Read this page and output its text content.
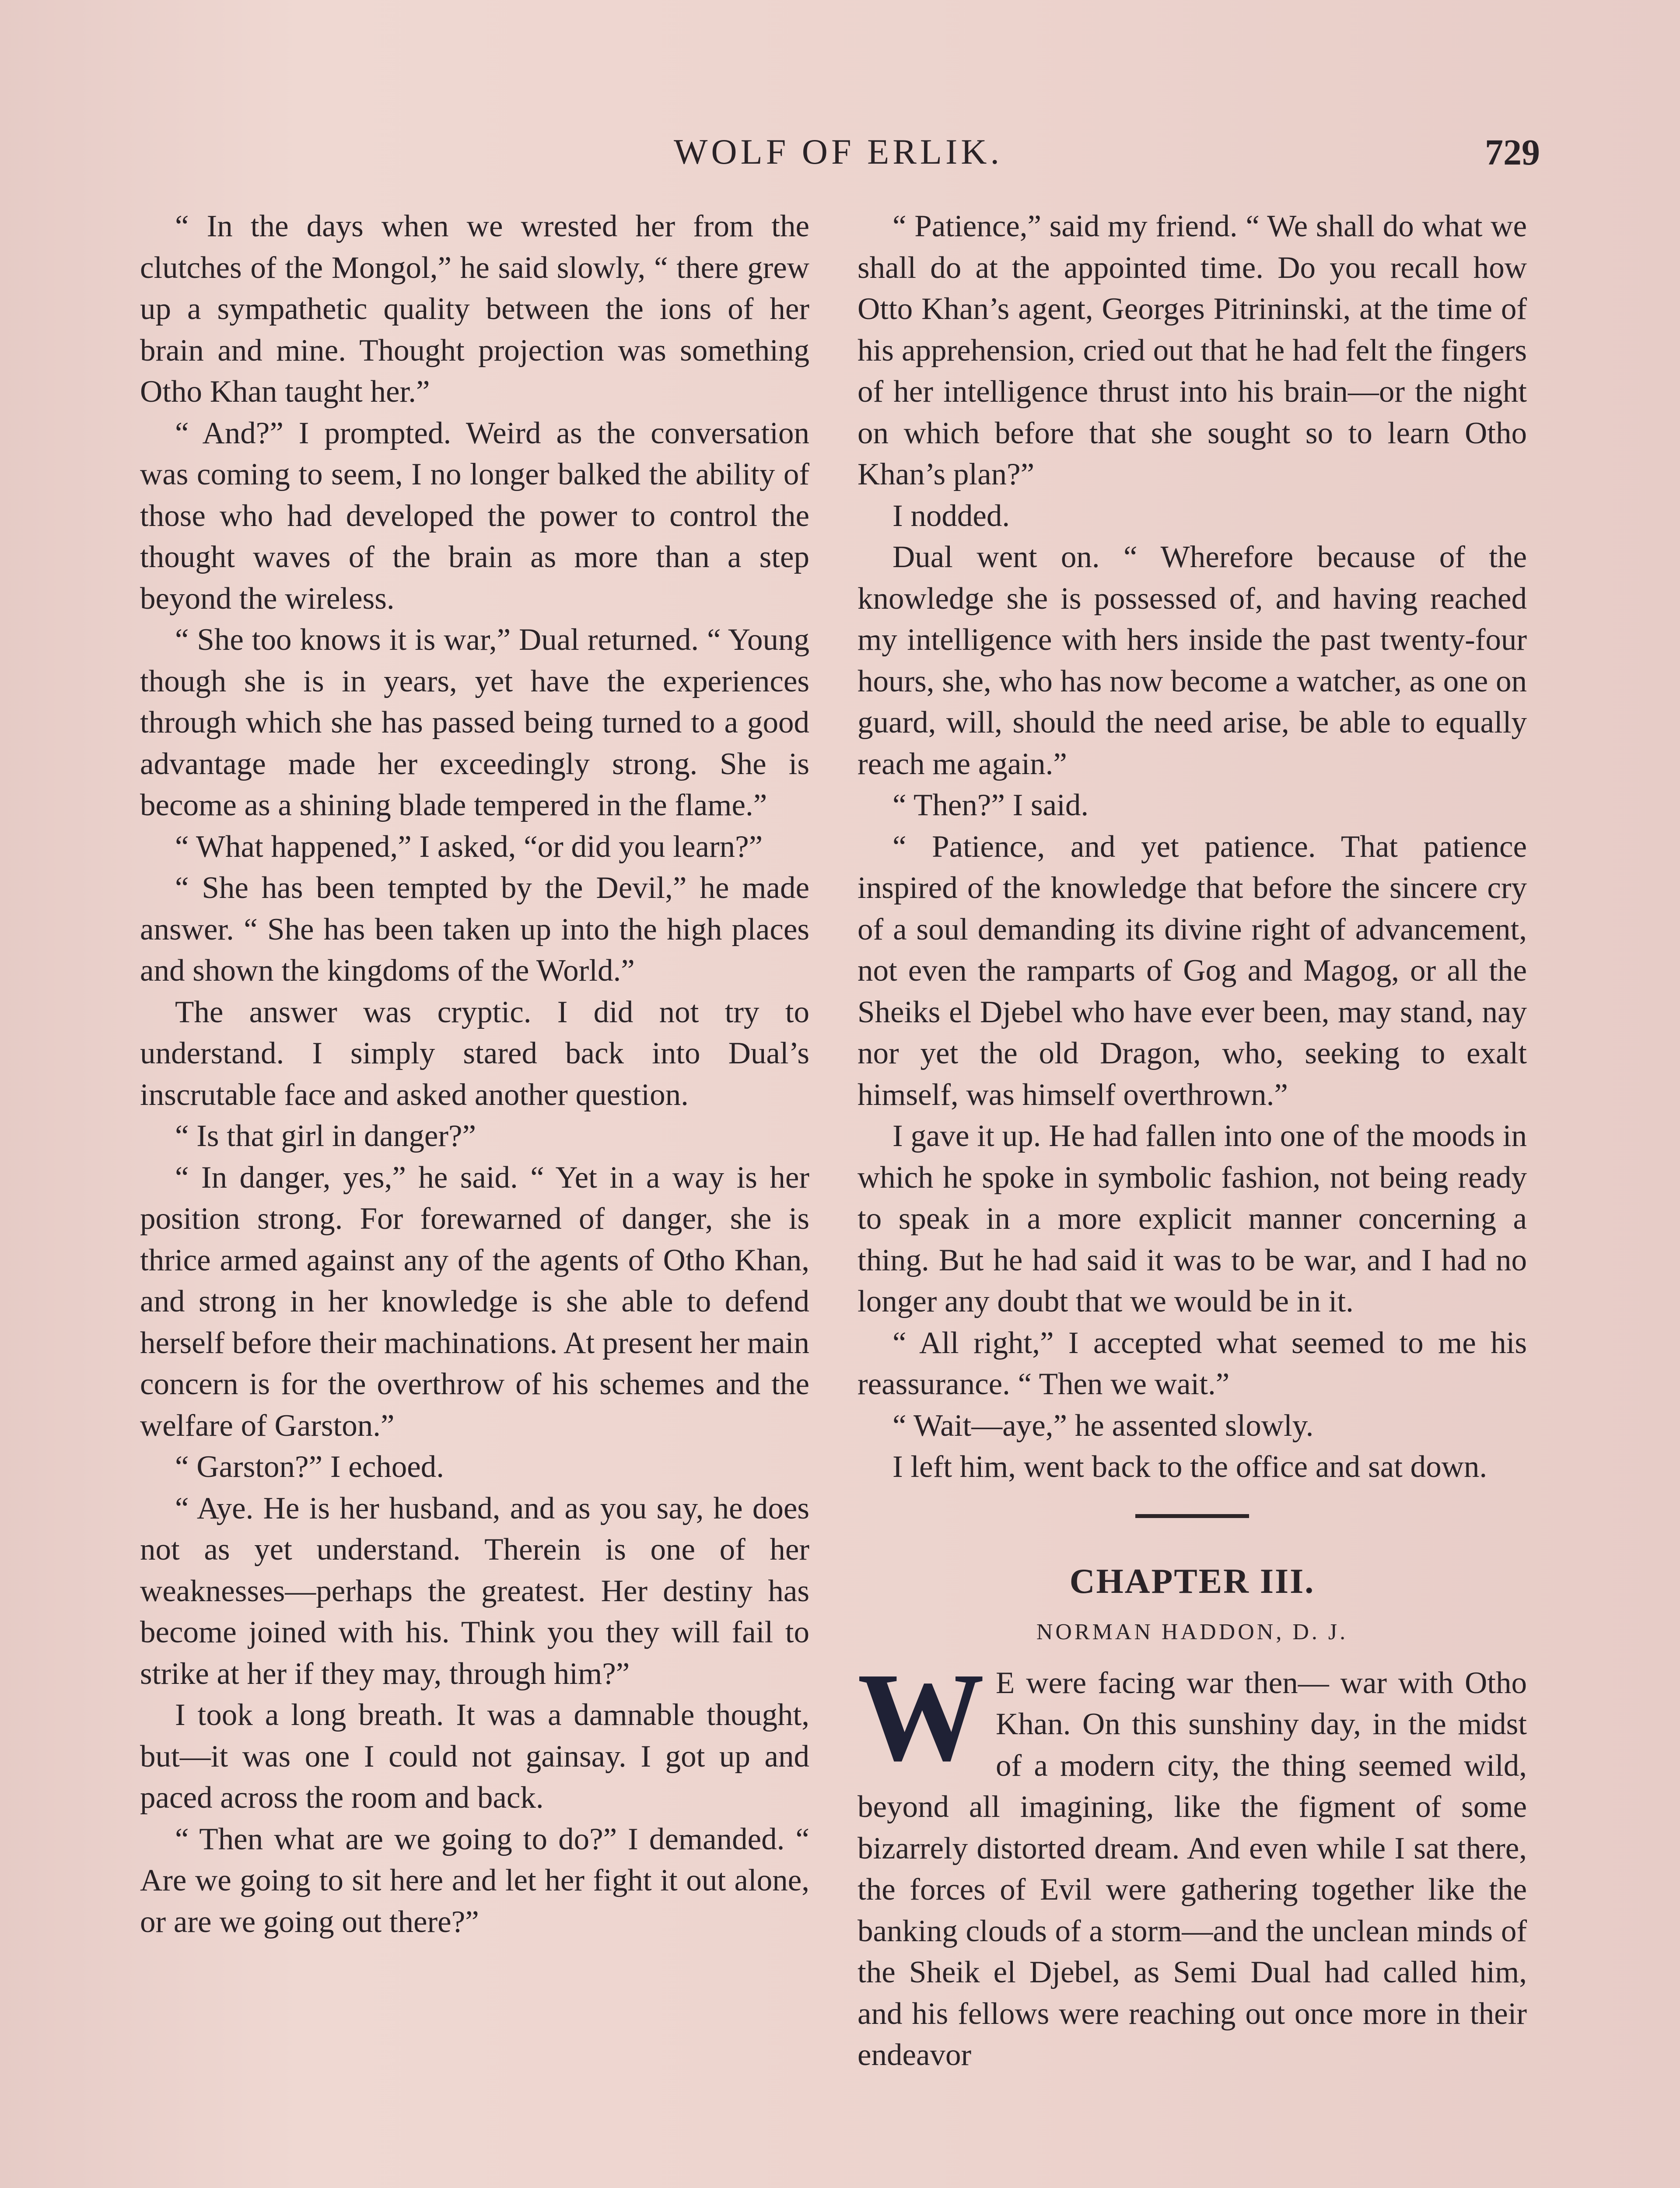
WOLF OF ERLIK.	729

“ In the days when we wrested her from the clutches of the Mongol,” he said slowly, “ there grew up a sympathetic quality between the ions of her brain and mine. Thought projection was something Otho Khan taught her.”

“ And?” I prompted. Weird as the conversation was coming to seem, I no longer balked the ability of those who had developed the power to control the thought waves of the brain as more than a step beyond the wireless.

“ She too knows it is war,” Dual returned. “ Young though she is in years, yet have the experiences through which she has passed being turned to a good advantage made her exceedingly strong. She is become as a shining blade tempered in the flame.”

“ What happened,” I asked, “or did you learn?”

“ She has been tempted by the Devil,” he made answer. “ She has been taken up into the high places and shown the kingdoms of the World.”

The answer was cryptic. I did not try to understand. I simply stared back into Dual’s inscrutable face and asked another question.

“ Is that girl in danger?”

“ In danger, yes,” he said. “ Yet in a way is her position strong. For forewarned of danger, she is thrice armed against any of the agents of Otho Khan, and strong in her knowledge is she able to defend herself before their machinations. At present her main concern is for the overthrow of his schemes and the welfare of Garston.”

“ Garston?” I echoed.

“ Aye. He is her husband, and as you say, he does not as yet understand. Therein is one of her weaknesses—perhaps the greatest. Her destiny has become joined with his. Think you they will fail to strike at her if they may, through him?”

I took a long breath. It was a damnable thought, but—it was one I could not gainsay. I got up and paced across the room and back.

“ Then what are we going to do?” I demanded. “ Are we going to sit here and let her fight it out alone, or are we going out there?”

“ Patience,” said my friend. “ We shall do what we shall do at the appointed time. Do you recall how Otto Khan’s agent, Georges Pitrininski, at the time of his apprehension, cried out that he had felt the fingers of her intelligence thrust into his brain—or the night on which before that she sought so to learn Otho Khan’s plan?”

I nodded.

Dual went on. “ Wherefore because of the knowledge she is possessed of, and having reached my intelligence with hers inside the past twenty-four hours, she, who has now become a watcher, as one on guard, will, should the need arise, be able to equally reach me again.”

“ Then?” I said.

“ Patience, and yet patience. That patience inspired of the knowledge that before the sincere cry of a soul demanding its divine right of advancement, not even the ramparts of Gog and Magog, or all the Sheiks el Djebel who have ever been, may stand, nay nor yet the old Dragon, who, seeking to exalt himself, was himself overthrown.”

I gave it up. He had fallen into one of the moods in which he spoke in symbolic fashion, not being ready to speak in a more explicit manner concerning a thing. But he had said it was to be war, and I had no longer any doubt that we would be in it.

“ All right,” I accepted what seemed to me his reassurance. “ Then we wait.”

“ Wait—aye,” he assented slowly.

I left him, went back to the office and sat down.

CHAPTER III.
NORMAN HADDON, D. J.

W E were facing war then— war with Otho Khan. On this sunshiny day, in the midst of a modern city, the thing seemed wild, beyond all imagining, like the figment of some bizarrely distorted dream. And even while I sat there, the forces of Evil were gathering together like the banking clouds of a storm—and the unclean minds of the Sheik el Djebel, as Semi Dual had called him, and his fellows were reaching out once more in their endeavor
